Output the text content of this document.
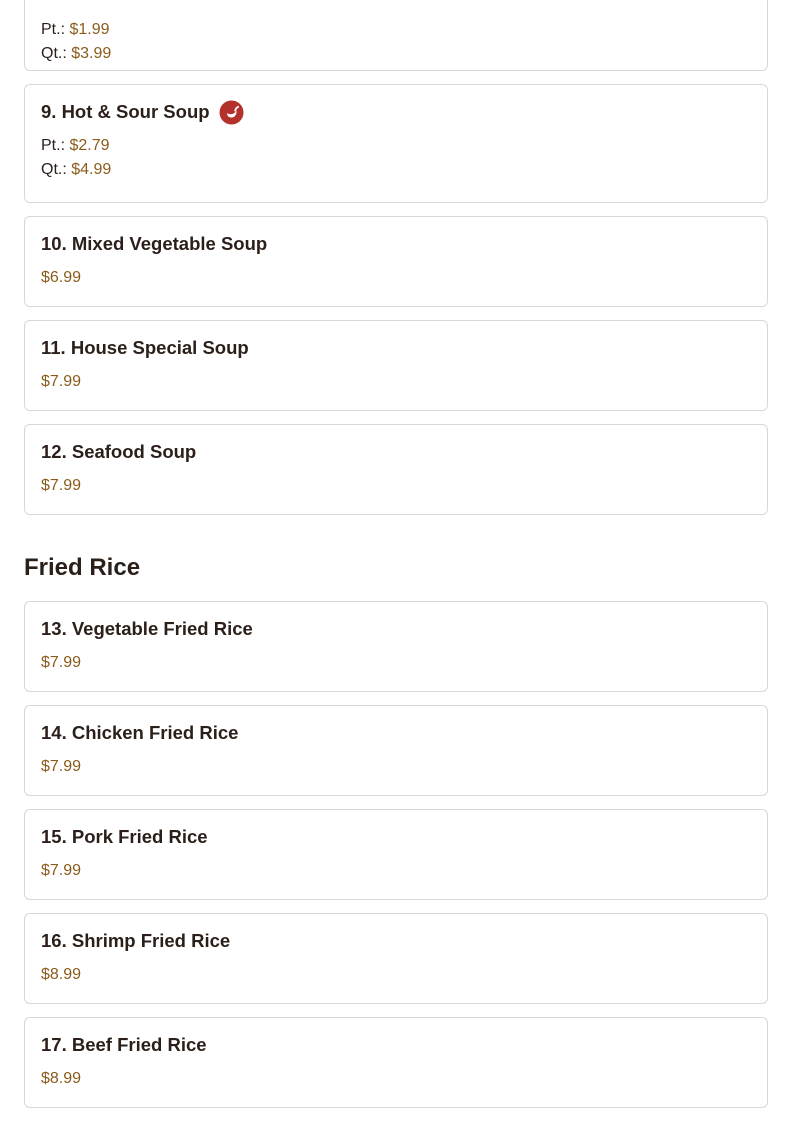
Pt.: $1.99
Qt.: $3.99
9. Hot & Sour Soup
Pt.: $2.79
Qt.: $4.99
10. Mixed Vegetable Soup
$6.99
11. House Special Soup
$7.99
12. Seafood Soup
$7.99
Fried Rice
13. Vegetable Fried Rice
$7.99
14. Chicken Fried Rice
$7.99
15. Pork Fried Rice
$7.99
16. Shrimp Fried Rice
$8.99
17. Beef Fried Rice
$8.99
